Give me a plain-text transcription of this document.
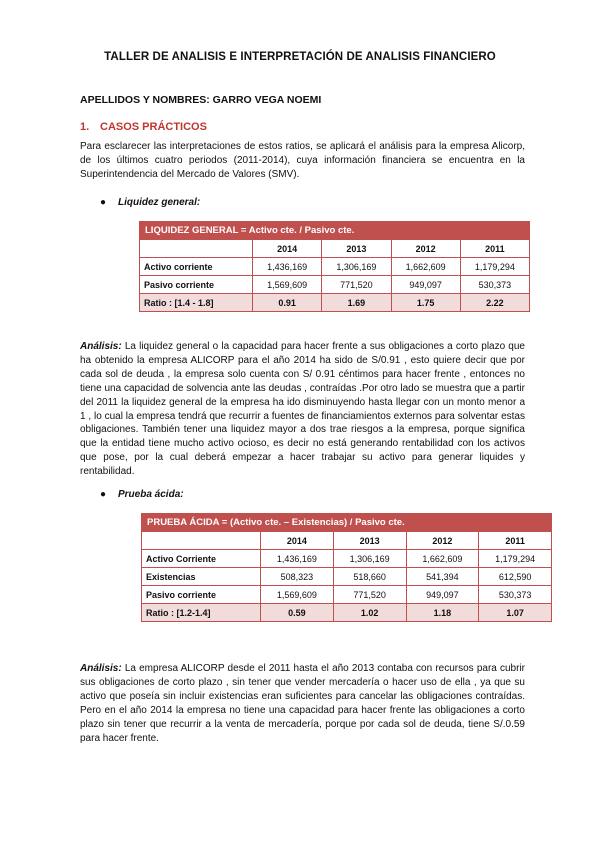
TALLER DE ANALISIS E INTERPRETACIÓN DE ANALISIS FINANCIERO
APELLIDOS Y NOMBRES: GARRO VEGA NOEMI
1. CASOS PRÁCTICOS
Para esclarecer las interpretaciones de estos ratios, se aplicará el análisis para la empresa Alicorp, de los últimos cuatro periodos (2011-2014), cuya información financiera se encuentra en la Superintendencia del Mercado de Valores (SMV).
● Liquidez general:
LIQUIDEZ GENERAL = Activo cte. / Pasivo cte.				
	2014	2013	2012	2011
Activo corriente	1,436,169	1,306,169	1,662,609	1,179,294
Pasivo corriente	1,569,609	771,520	949,097	530,373
Ratio : [1.4 - 1.8]	0.91	1.69	1.75	2.22
Análisis: La liquidez general o la capacidad para hacer frente a sus obligaciones a corto plazo que ha obtenido la empresa ALICORP para el año 2014 ha sido de S/0.91 , esto quiere decir que por cada sol de deuda , la empresa solo cuenta con S/ 0.91 céntimos para hacer frente , entonces no tiene una capacidad de solvencia ante las deudas , contraídas .Por otro lado se muestra que a partir del 2011 la liquidez general de la empresa ha ido disminuyendo hasta llegar con un monto menor a 1 , lo cual la empresa tendrá que recurrir a fuentes de financiamientos externos para solventar estas obligaciones. También tener una liquidez mayor a dos trae riesgos a la empresa, porque significa que la entidad tiene mucho activo ocioso, es decir no está generando rentabilidad con los activos que pose, por la cual deberá empezar a hacer trabajar su activo para generar liquides y rentabilidad.
● Prueba ácida:
PRUEBA ÁCIDA = (Activo cte. – Existencias) / Pasivo cte.				
	2014	2013	2012	2011
Activo Corriente	1,436,169	1,306,169	1,662,609	1,179,294
Existencias	508,323	518,660	541,394	612,590
Pasivo corriente	1,569,609	771,520	949,097	530,373
Ratio : [1.2-1.4]	0.59	1.02	1.18	1.07
Análisis: La empresa ALICORP desde el 2011 hasta el año 2013 contaba con recursos para cubrir sus obligaciones de corto plazo , sin tener que vender mercadería o hacer uso de ella , ya que su activo que poseía sin incluir existencias eran suficientes para cancelar las obligaciones contraídas. Pero en el año 2014 la empresa no tiene una capacidad para hacer frente las obligaciones a corto plazo sin tener que recurrir a la venta de mercadería, porque por cada sol de deuda, tiene S/.0.59 para hacer frente.
